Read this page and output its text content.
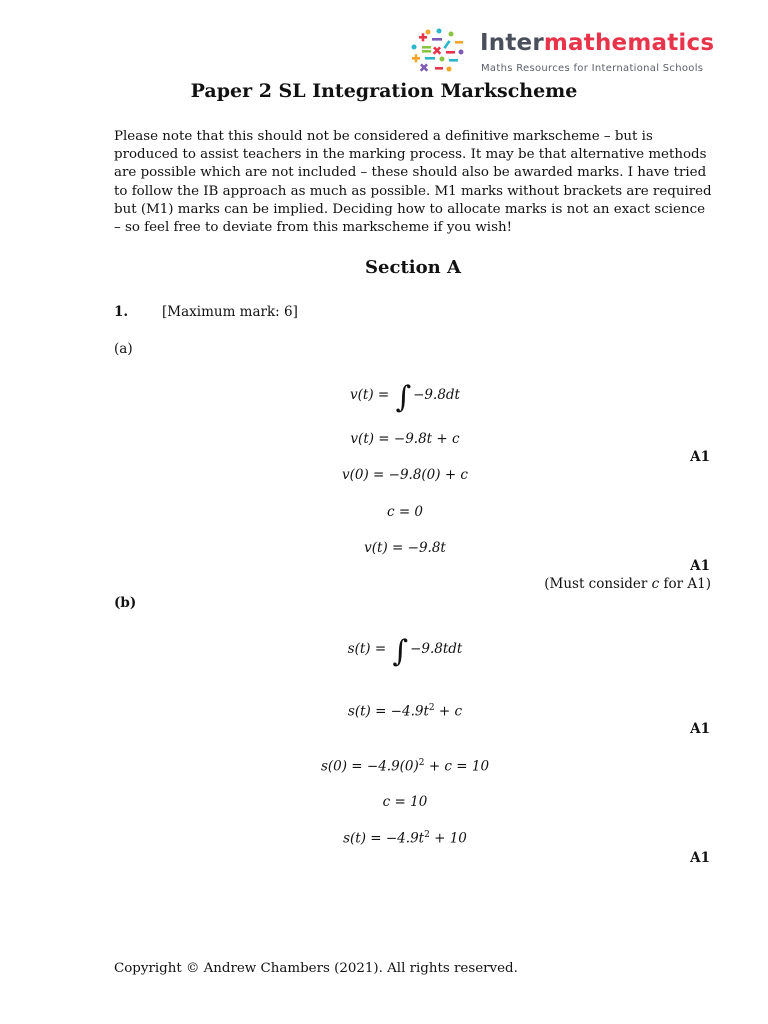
Intermathematics
Maths Resources for International Schools
Paper 2 SL Integration Markscheme
Please note that this should not be considered a definitive markscheme – but is produced to assist teachers in the marking process. It may be that alternative methods are possible which are not included – these should also be awarded marks. I have tried to follow the IB approach as much as possible. M1 marks without brackets are required but (M1) marks can be implied. Deciding how to allocate marks is not an exact science – so feel free to deviate from this markscheme if you wish!
Section A
1.	[Maximum mark: 6]
(a)
v(t) = ∫ −9.8dt
v(t) = −9.8t + c
A1
v(0) = −9.8(0) + c
c = 0
v(t) = −9.8t
A1
(Must consider c for A1)
(b)
s(t) = ∫ −9.8tdt
$s(t) = -4.9t^2 + c$
A1
$s(0) = -4.9(0)^2 + c = 10$
c = 10
$s(t) = -4.9t^2 + 10$
A1
Copyright © Andrew Chambers (2021). All rights reserved.
